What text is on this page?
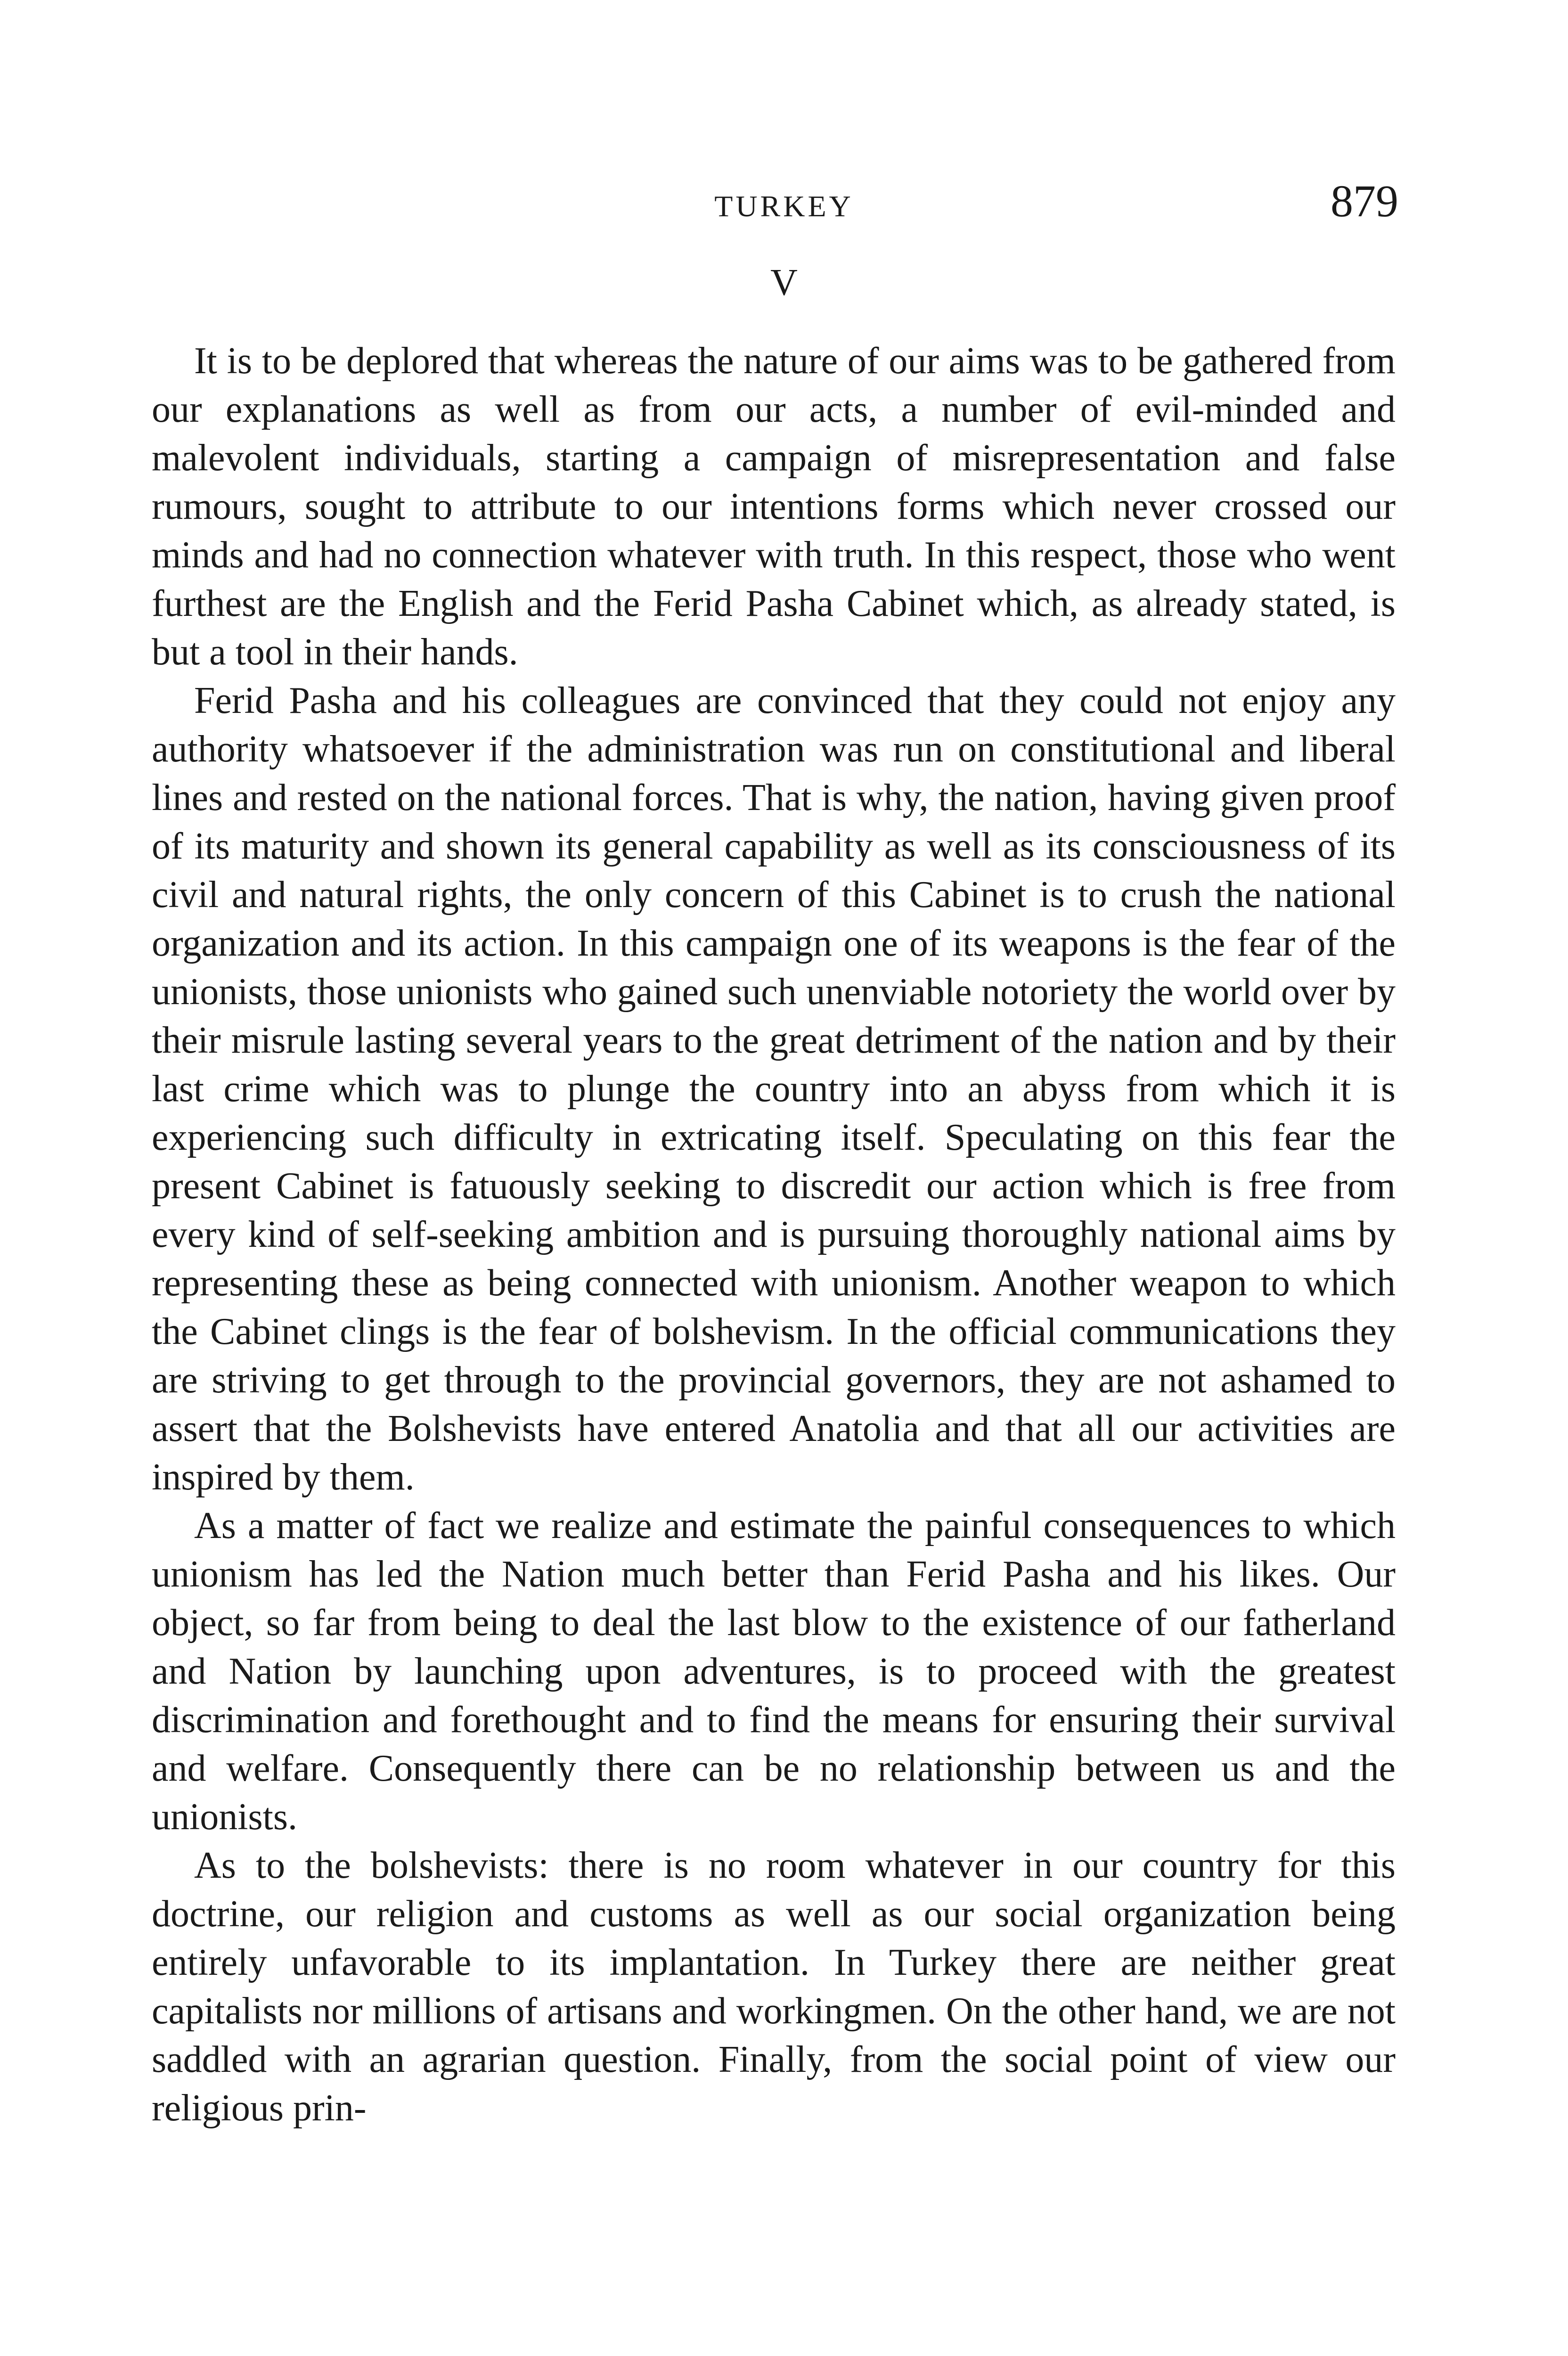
TURKEY	879
V

It is to be deplored that whereas the nature of our aims was to be gathered from our explanations as well as from our acts, a number of evil-minded and malevolent individuals, starting a campaign of misrepresentation and false rumours, sought to attribute to our intentions forms which never crossed our minds and had no connection whatever with truth. In this respect, those who went furthest are the English and the Ferid Pasha Cabinet which, as already stated, is but a tool in their hands.

Ferid Pasha and his colleagues are convinced that they could not enjoy any authority whatsoever if the administration was run on constitutional and liberal lines and rested on the national forces. That is why, the nation, having given proof of its maturity and shown its general capability as well as its consciousness of its civil and natural rights, the only concern of this Cabinet is to crush the national organization and its action. In this campaign one of its weapons is the fear of the unionists, those unionists who gained such unenviable notoriety the world over by their misrule lasting several years to the great detriment of the nation and by their last crime which was to plunge the country into an abyss from which it is experiencing such difficulty in extricating itself. Speculating on this fear the present Cabinet is fatuously seeking to discredit our action which is free from every kind of self-seeking ambition and is pursuing thoroughly national aims by representing these as being connected with unionism. Another weapon to which the Cabinet clings is the fear of bolshevism. In the official communications they are striving to get through to the provincial governors, they are not ashamed to assert that the Bolshevists have entered Anatolia and that all our activities are inspired by them.

As a matter of fact we realize and estimate the painful consequences to which unionism has led the Nation much better than Ferid Pasha and his likes. Our object, so far from being to deal the last blow to the existence of our fatherland and Nation by launching upon adventures, is to proceed with the greatest discrimination and forethought and to find the means for ensuring their survival and welfare. Consequently there can be no relationship between us and the unionists.

As to the bolshevists: there is no room whatever in our country for this doctrine, our religion and customs as well as our social organization being entirely unfavorable to its implantation. In Turkey there are neither great capitalists nor millions of artisans and workingmen. On the other hand, we are not saddled with an agrarian question. Finally, from the social point of view our religious prin-
